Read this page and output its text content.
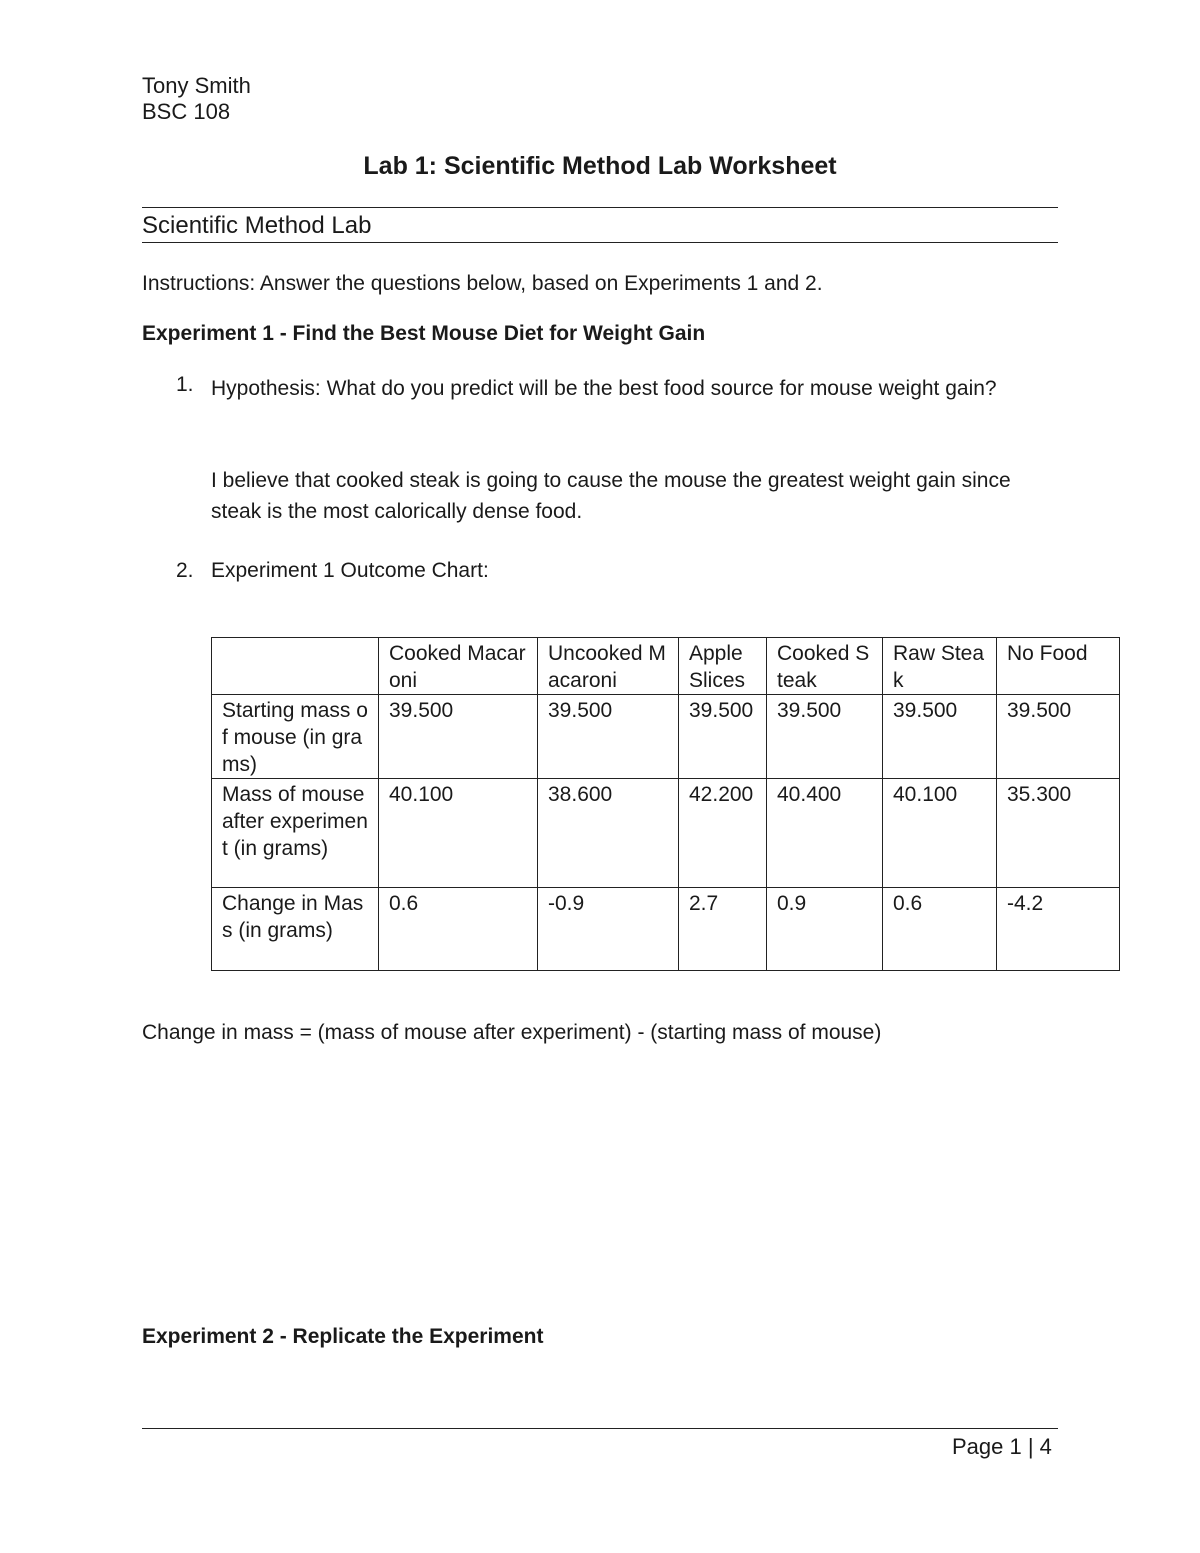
Tony Smith
BSC 108
Lab 1: Scientific Method Lab Worksheet
Scientific Method Lab
Instructions: Answer the questions below, based on Experiments 1 and 2.
Experiment 1 - Find the Best Mouse Diet for Weight Gain
1. Hypothesis: What do you predict will be the best food source for mouse weight gain?
I believe that cooked steak is going to cause the mouse the greatest weight gain since steak is the most calorically dense food.
2. Experiment 1 Outcome Chart:
	Cooked Macaroni	Uncooked Macaroni	Apple Slices	Cooked Steak	Raw Steak	No Food
Starting mass of mouse (in grams)	39.500	39.500	39.500	39.500	39.500	39.500
Mass of mouse after experiment (in grams)	40.100	38.600	42.200	40.400	40.100	35.300
Change in Mass (in grams)	0.6	-0.9	2.7	0.9	0.6	-4.2
Change in mass = (mass of mouse after experiment) - (starting mass of mouse)
Experiment 2 - Replicate the Experiment
Page 1 | 4
